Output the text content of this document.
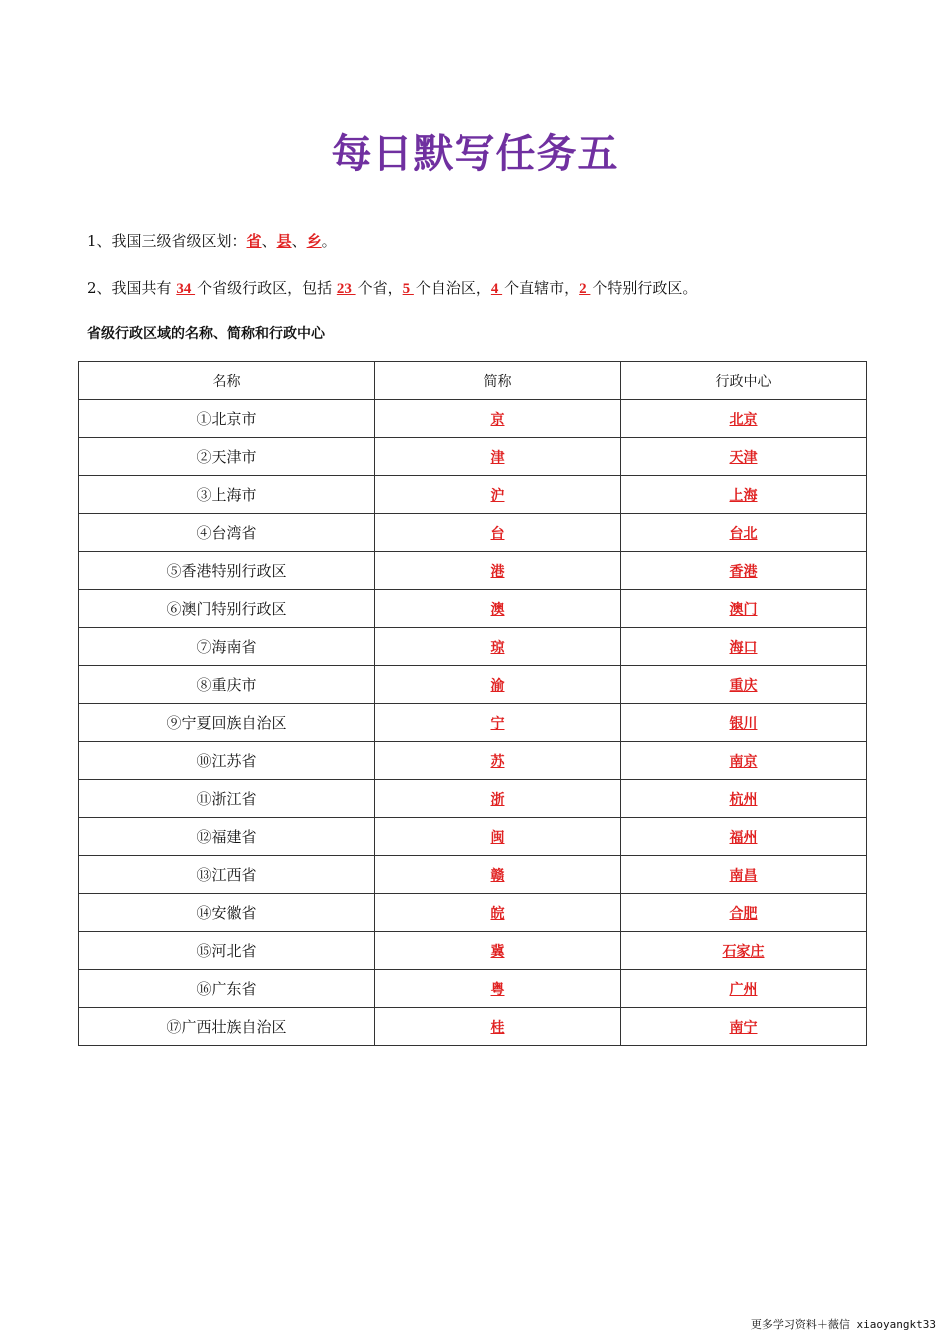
每日默写任务五
1、我国三级省级区划：省、县、乡。
2、我国共有 34 个省级行政区，包括 23 个省，5 个自治区，4 个直辖市，2 个特别行政区。
省级行政区域的名称、简称和行政中心
名称	简称	行政中心
①北京市	京	北京
②天津市	津	天津
③上海市	沪	上海
④台湾省	台	台北
⑤香港特别行政区	港	香港
⑥澳门特别行政区	澳	澳门
⑦海南省	琼	海口
⑧重庆市	渝	重庆
⑨宁夏回族自治区	宁	银川
⑩江苏省	苏	南京
⑪浙江省	浙	杭州
⑫福建省	闽	福州
⑬江西省	赣	南昌
⑭安徽省	皖	合肥
⑮河北省	冀	石家庄
⑯广东省	粤	广州
⑰广西壮族自治区	桂	南宁
更多学习资料＋薇信 xiaoyangkt33
